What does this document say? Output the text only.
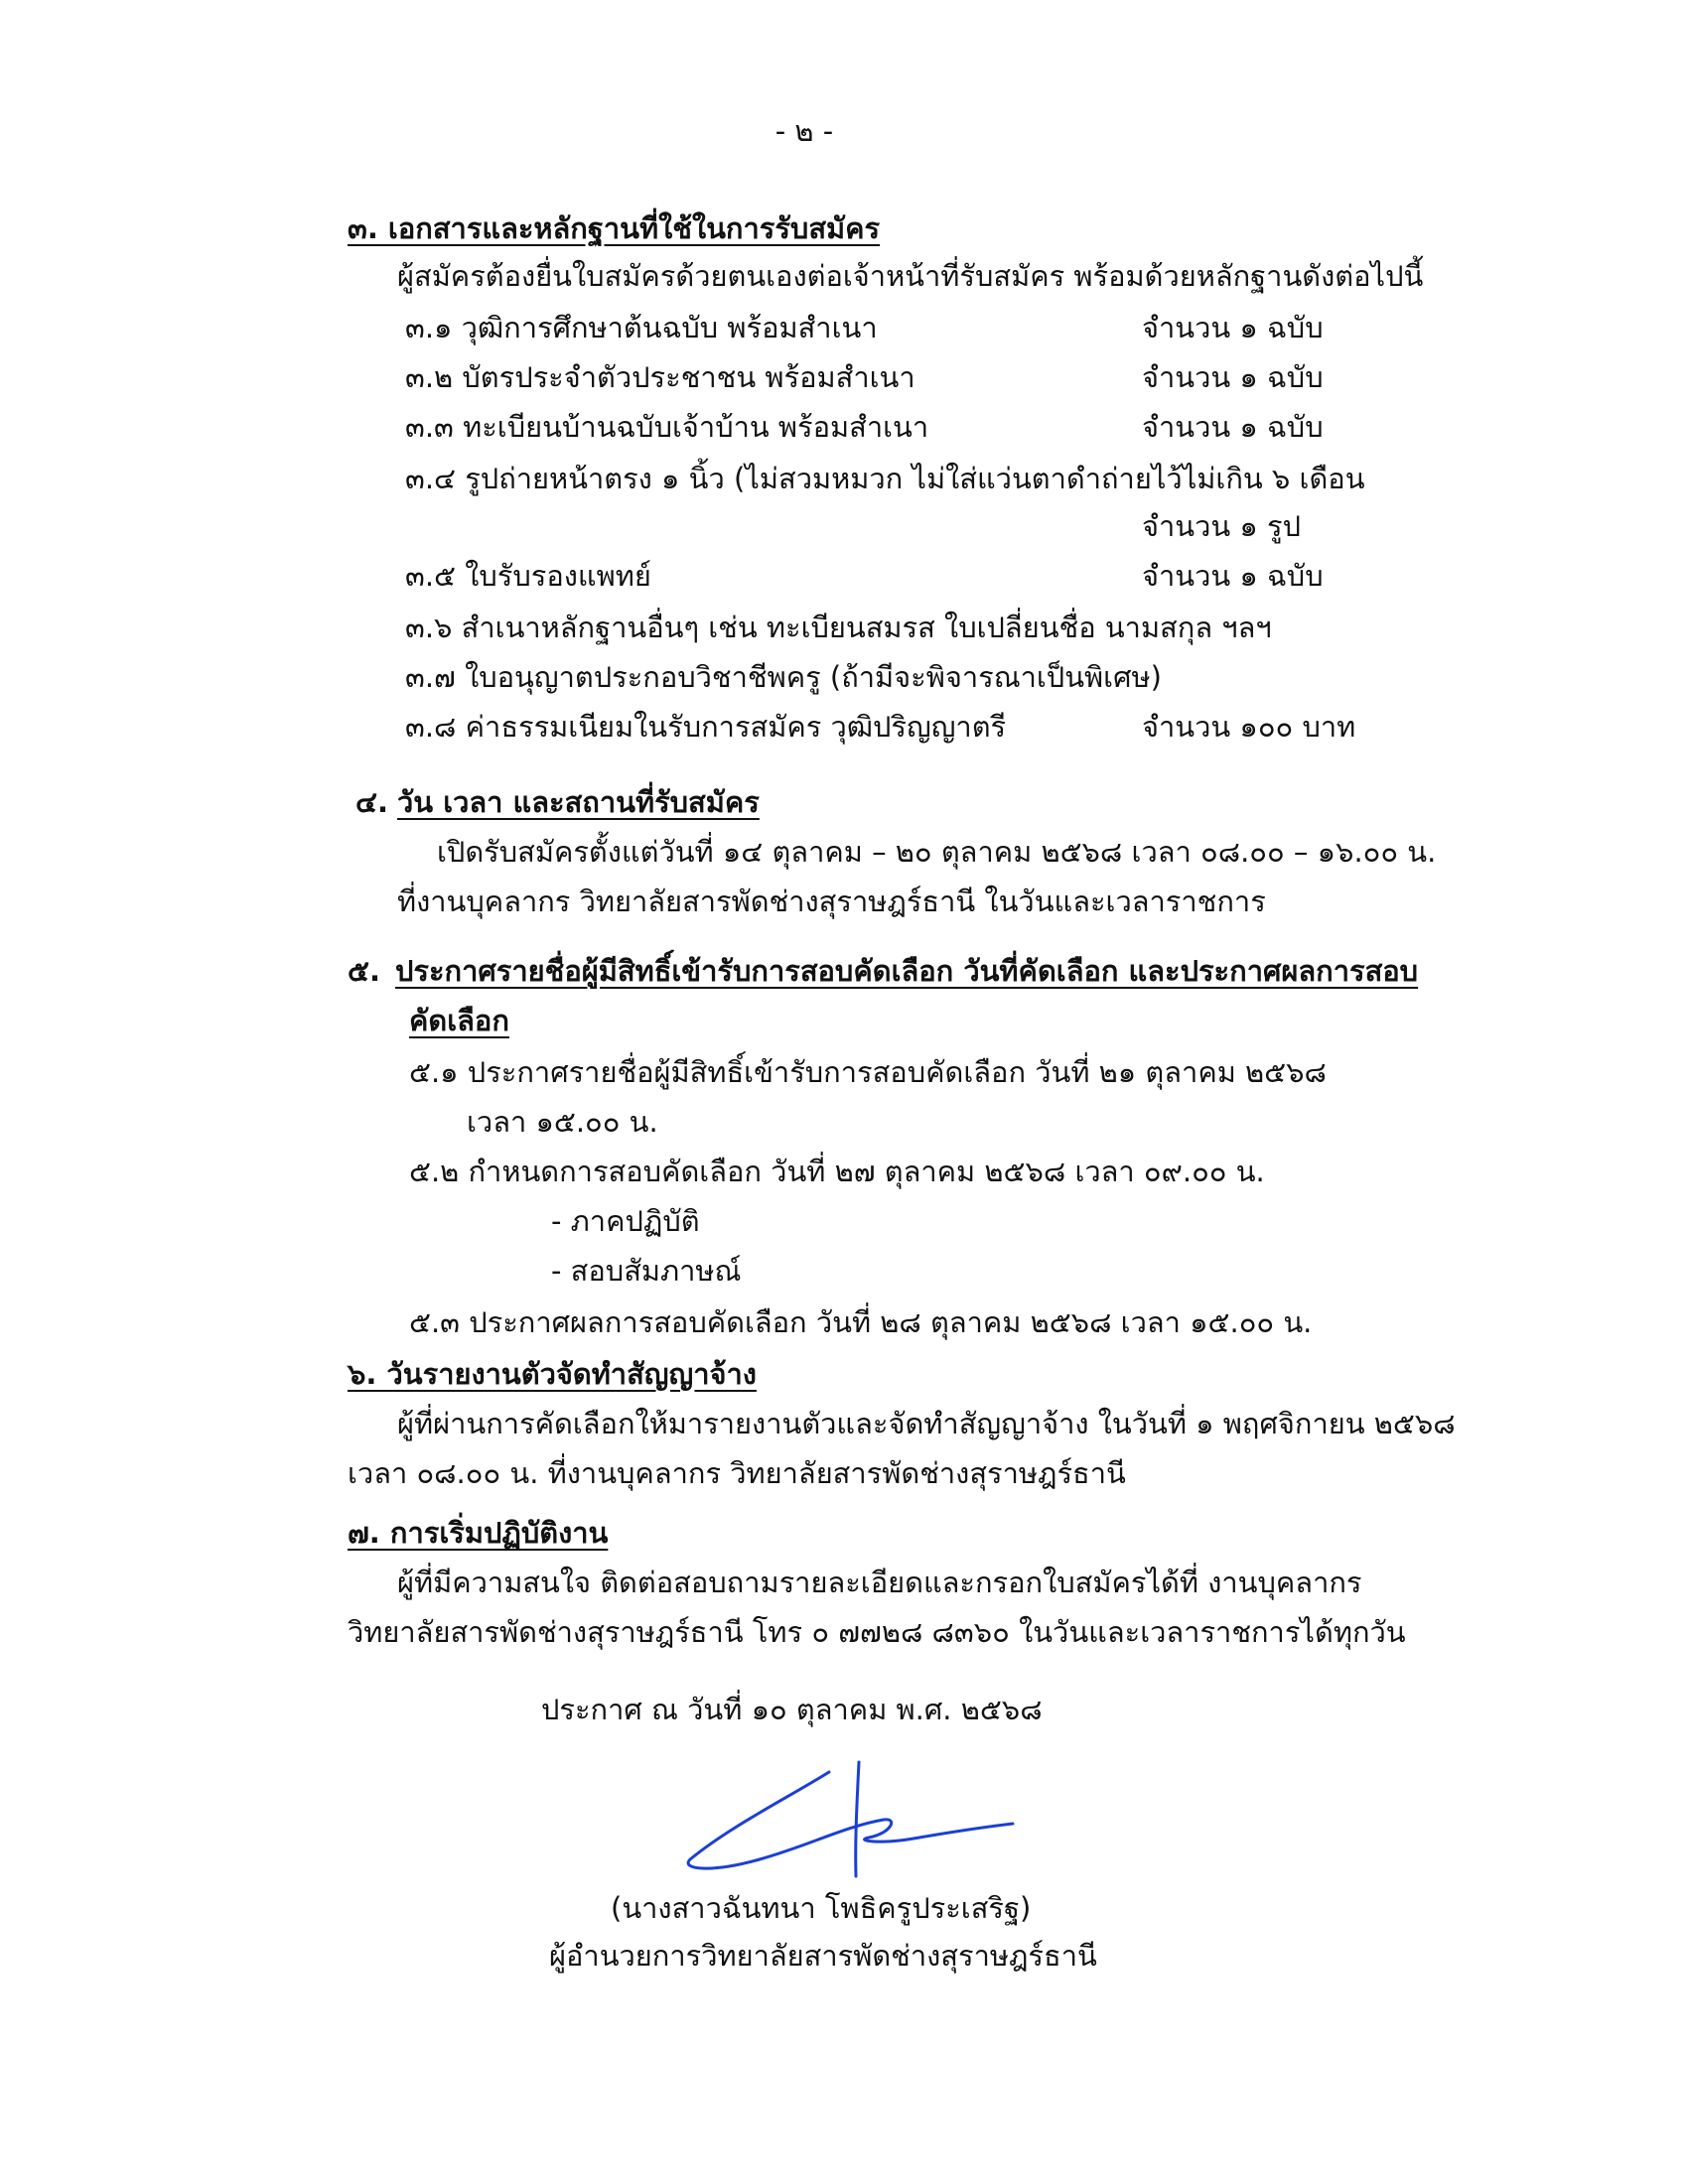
- ๒ -
๓. เอกสารและหลักฐานที่ใช้ในการรับสมัคร
ผู้สมัครต้องยื่นใบสมัครด้วยตนเองต่อเจ้าหน้าที่รับสมัคร พร้อมด้วยหลักฐานดังต่อไปนี้
๓.๑ วุฒิการศึกษาต้นฉบับ พร้อมสำเนา	จำนวน ๑ ฉบับ
๓.๒ บัตรประจำตัวประชาชน พร้อมสำเนา	จำนวน ๑ ฉบับ
๓.๓ ทะเบียนบ้านฉบับเจ้าบ้าน พร้อมสำเนา	จำนวน ๑ ฉบับ
๓.๔ รูปถ่ายหน้าตรง ๑ นิ้ว (ไม่สวมหมวก ไม่ใส่แว่นตาดำถ่ายไว้ไม่เกิน ๖ เดือน
จำนวน ๑ รูป
๓.๕ ใบรับรองแพทย์	จำนวน ๑ ฉบับ
๓.๖ สำเนาหลักฐานอื่นๆ เช่น ทะเบียนสมรส ใบเปลี่ยนชื่อ นามสกุล ฯลฯ
๓.๗ ใบอนุญาตประกอบวิชาชีพครู (ถ้ามีจะพิจารณาเป็นพิเศษ)
๓.๘ ค่าธรรมเนียมในรับการสมัคร วุฒิปริญญาตรี	จำนวน ๑๐๐ บาท
๔. วัน เวลา และสถานที่รับสมัคร
เปิดรับสมัครตั้งแต่วันที่ ๑๔ ตุลาคม – ๒๐ ตุลาคม ๒๕๖๘ เวลา ๐๘.๐๐ – ๑๖.๐๐ น.
ที่งานบุคลากร วิทยาลัยสารพัดช่างสุราษฎร์ธานี ในวันและเวลาราชการ
๕. ประกาศรายชื่อผู้มีสิทธิ์เข้ารับการสอบคัดเลือก วันที่คัดเลือก และประกาศผลการสอบ
คัดเลือก
๕.๑ ประกาศรายชื่อผู้มีสิทธิ์เข้ารับการสอบคัดเลือก วันที่ ๒๑ ตุลาคม ๒๕๖๘
เวลา ๑๕.๐๐ น.
๕.๒ กำหนดการสอบคัดเลือก วันที่ ๒๗ ตุลาคม ๒๕๖๘ เวลา ๐๙.๐๐ น.
- ภาคปฏิบัติ
- สอบสัมภาษณ์
๕.๓ ประกาศผลการสอบคัดเลือก วันที่ ๒๘ ตุลาคม ๒๕๖๘ เวลา ๑๕.๐๐ น.
๖. วันรายงานตัวจัดทำสัญญาจ้าง
ผู้ที่ผ่านการคัดเลือกให้มารายงานตัวและจัดทำสัญญาจ้าง ในวันที่ ๑ พฤศจิกายน ๒๕๖๘
เวลา ๐๘.๐๐ น. ที่งานบุคลากร วิทยาลัยสารพัดช่างสุราษฎร์ธานี
๗. การเริ่มปฏิบัติงาน
ผู้ที่มีความสนใจ ติดต่อสอบถามรายละเอียดและกรอกใบสมัครได้ที่ งานบุคลากร
วิทยาลัยสารพัดช่างสุราษฎร์ธานี โทร ๐ ๗๗๒๘ ๘๓๖๐ ในวันและเวลาราชการได้ทุกวัน
ประกาศ ณ วันที่ ๑๐ ตุลาคม พ.ศ. ๒๕๖๘
(นางสาวฉันทนา โพธิครูประเสริฐ)
ผู้อำนวยการวิทยาลัยสารพัดช่างสุราษฎร์ธานี
